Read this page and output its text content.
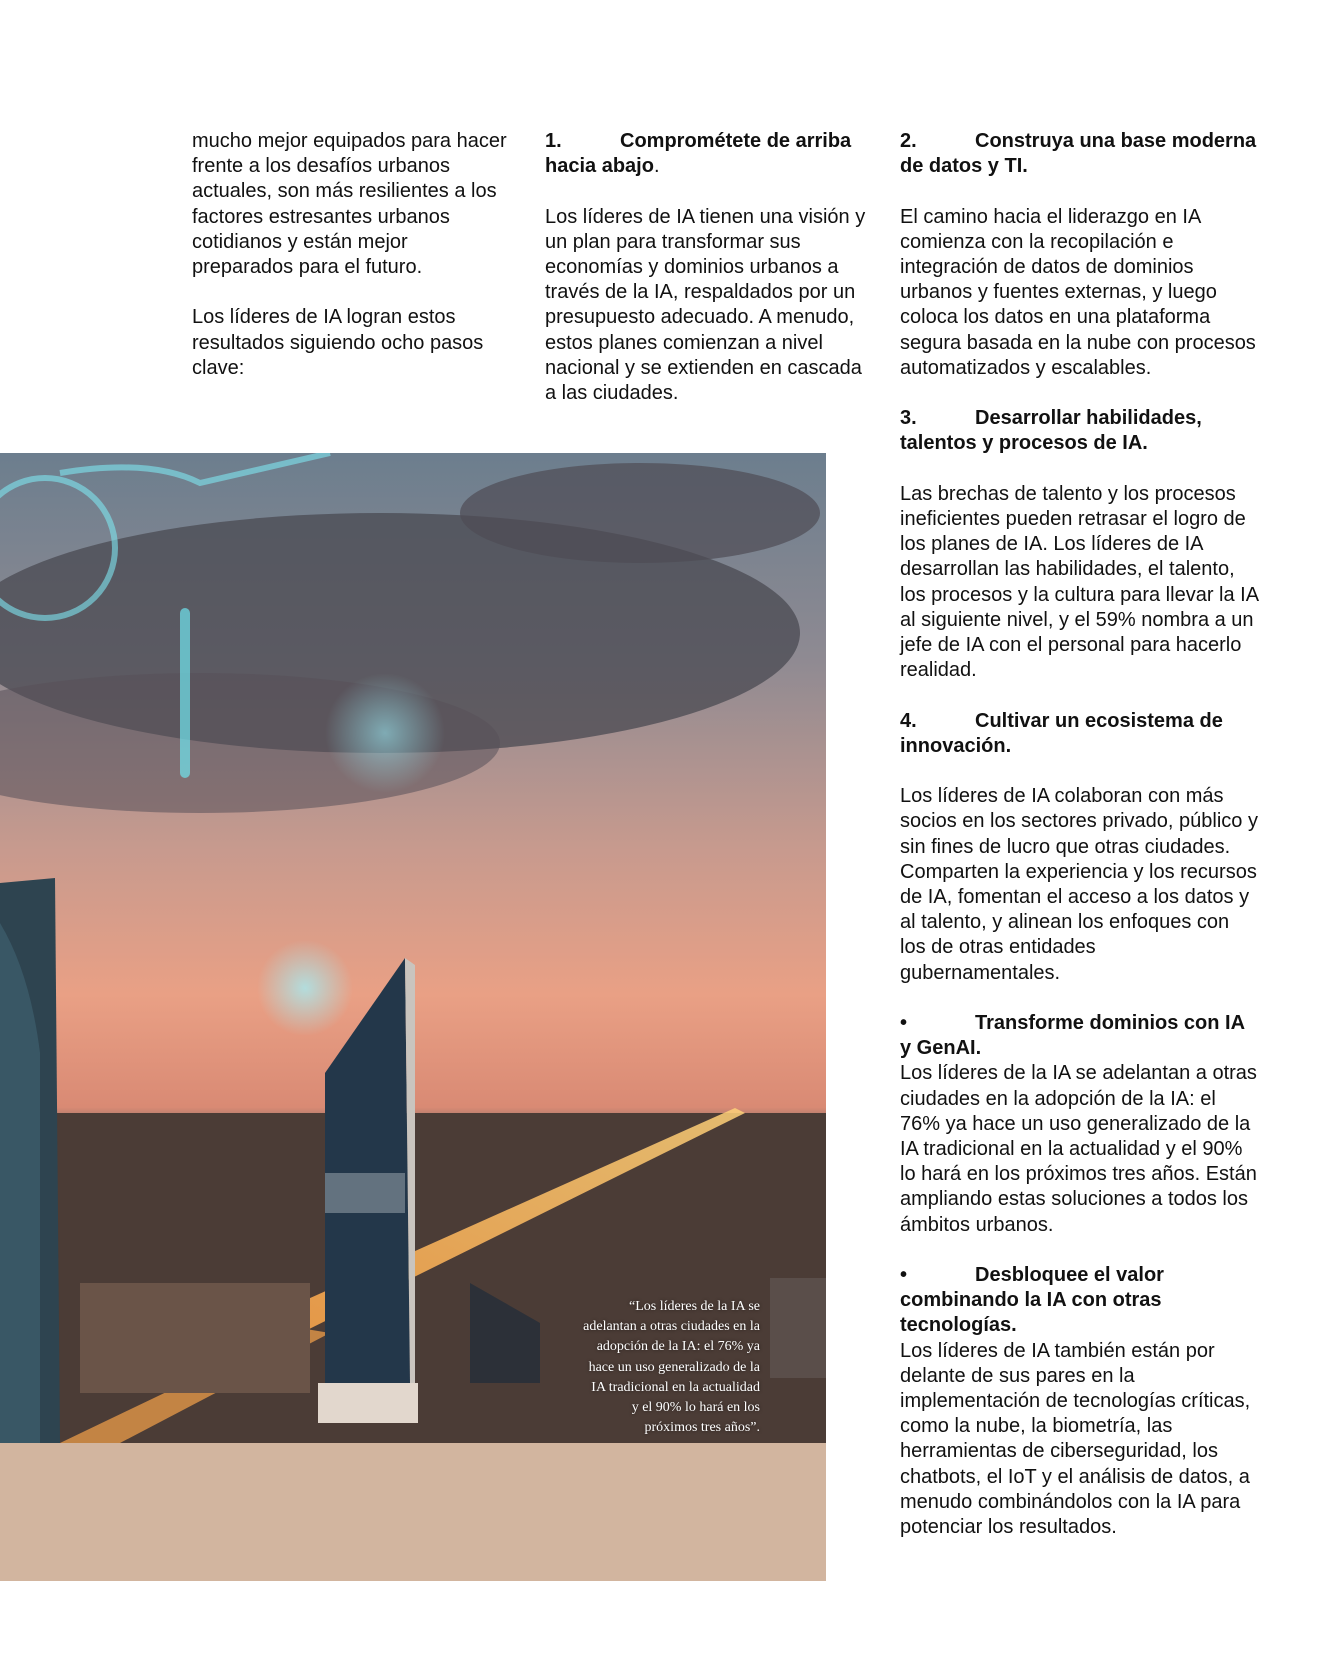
mucho mejor equipados para hacer frente a los desafíos urbanos actuales, son más resilientes a los factores estresantes urbanos cotidianos y están mejor preparados para el futuro.

Los líderes de IA logran estos resultados siguiendo ocho pasos clave:

1.	Comprométete de arriba hacia abajo.

Los líderes de IA tienen una visión y un plan para transformar sus economías y dominios urbanos a través de la IA, respaldados por un presupuesto adecuado. A menudo, estos planes comienzan a nivel nacional y se extienden en cascada a las ciudades.

2.	Construya una base moderna de datos y TI.

El camino hacia el liderazgo en IA comienza con la recopilación e integración de datos de dominios urbanos y fuentes externas, y luego coloca los datos en una plataforma segura basada en la nube con procesos automatizados y escalables.

3.	Desarrollar habilidades, talentos y procesos de IA.

Las brechas de talento y los procesos ineficientes pueden retrasar el logro de los planes de IA. Los líderes de IA desarrollan las habilidades, el talento, los procesos y la cultura para llevar la IA al siguiente nivel, y el 59% nombra a un jefe de IA con el personal para hacerlo realidad.

4.	Cultivar un ecosistema de innovación.

Los líderes de IA colaboran con más socios en los sectores privado, público y sin fines de lucro que otras ciudades. Comparten la experiencia y los recursos de IA, fomentan el acceso a los datos y al talento, y alinean los enfoques con los de otras entidades gubernamentales.

•	Transforme dominios con IA y GenAI.

Los líderes de la IA se adelantan a otras ciudades en la adopción de la IA: el 76% ya hace un uso generalizado de la IA tradicional en la actualidad y el 90% lo hará en los próximos tres años. Están ampliando estas soluciones a todos los ámbitos urbanos.

•	Desbloquee el valor combinando la IA con otras tecnologías.

Los líderes de IA también están por delante de sus pares en la implementación de tecnologías críticas, como la nube, la biometría, las herramientas de ciberseguridad, los chatbots, el IoT y el análisis de datos, a menudo combinándolos con la IA para potenciar los resultados.

“Los líderes de la IA se adelantan a otras ciudades en la adopción de la IA: el 76% ya hace un uso generalizado de la IA tradicional en la actualidad y el 90% lo hará en los próximos tres años”.
